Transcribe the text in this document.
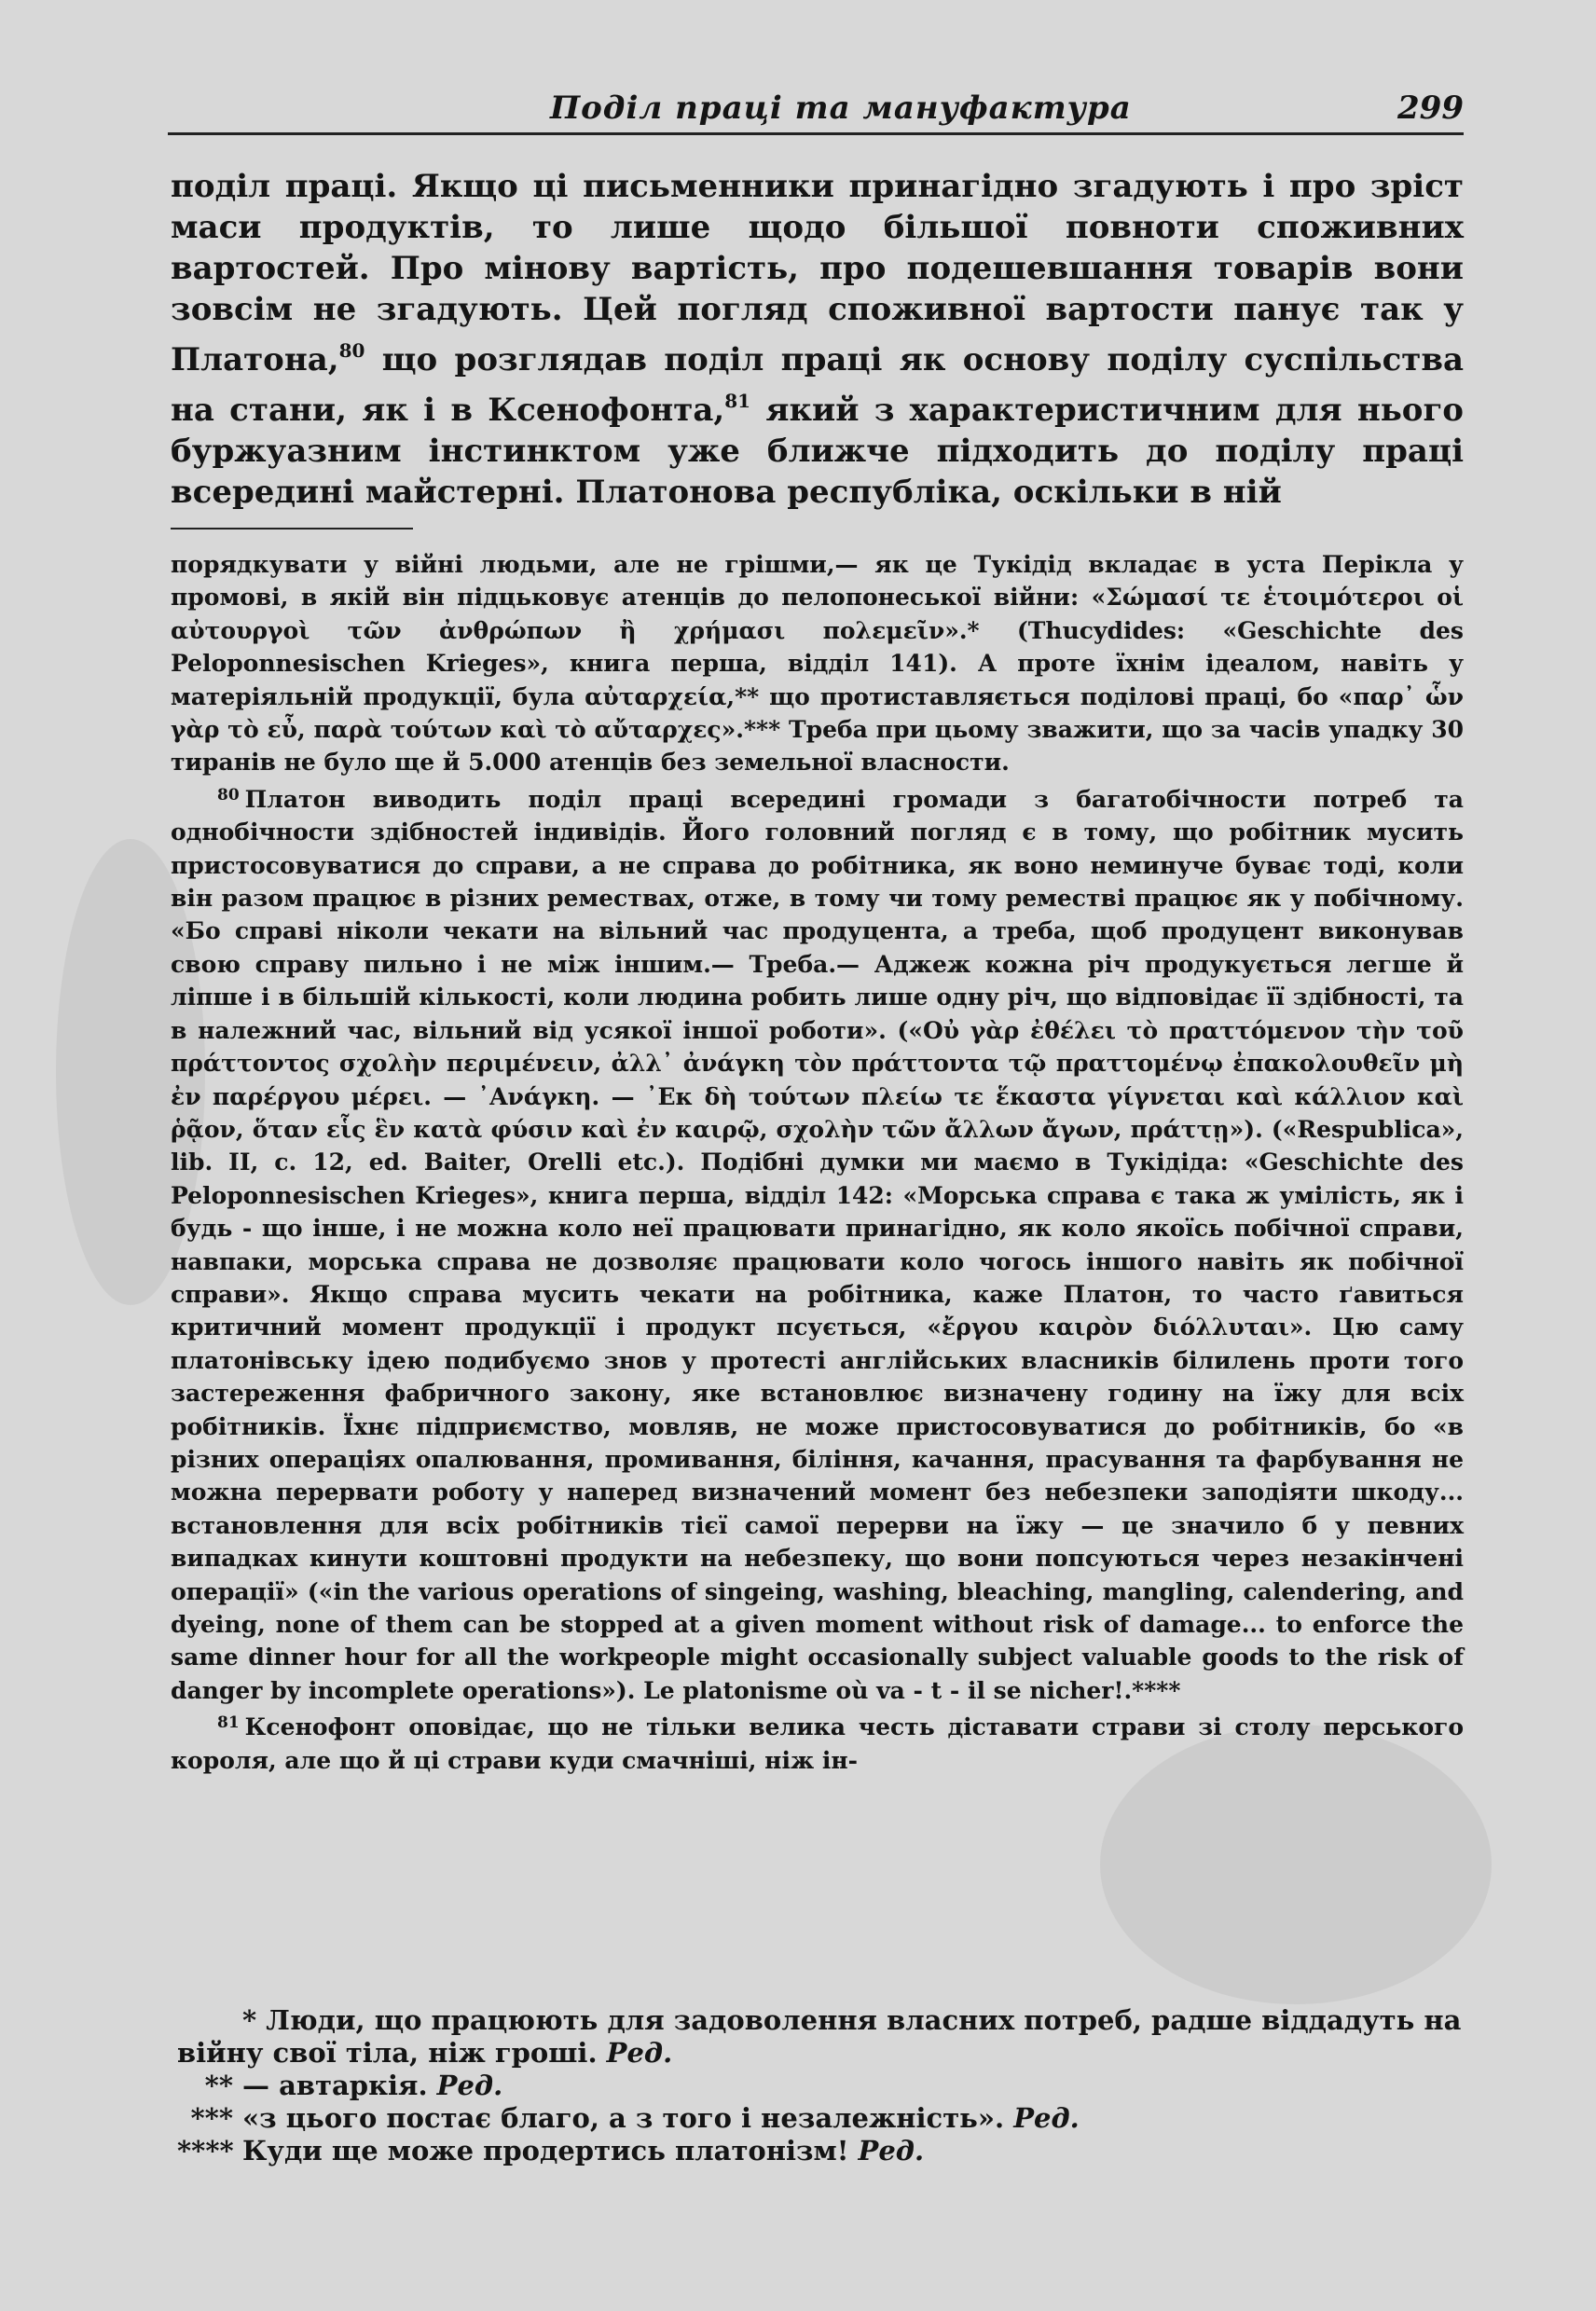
Поділ праці та мануфактура	299

поділ праці. Якщо ці письменники принагідно згадують і про зріст маси продуктів, то лише щодо більшої повноти споживних вартостей. Про мінову вартість, про подешевшання товарів вони зовсім не згадують. Цей погляд споживної вартости панує так у Платона,$^{80}$ що розглядав поділ праці як основу поділу суспільства на стани, як і в Ксенофонта,$^{81}$ який з характеристичним для нього буржуазним інстинктом уже ближче підходить до поділу праці всередині майстерні. Платонова республіка, оскільки в ній

порядкувати у війні людьми, але не грішми,— як це Тукідід вкладає в уста Перікла у промові, в якій він підцьковує атенців до пелопонеської війни: «Σώμασί τε ἑτοιμότεροι οἱ αὐτουργοὶ τῶν ἀνθρώπων ἢ χρήμασι πολεμεῖν».* (Thucydides: «Geschichte des Peloponnesischen Krieges», книга перша, відділ 141). А проте їхнім ідеалом, навіть у матеріяльній продукції, була αὐταρχεία,** що протиставляється поділові праці, бо «παρ᾽ ὧν γὰρ τὸ εὖ, παρὰ τούτων καὶ τὸ αὔταρχες».*** Треба при цьому зважити, що за часів упадку 30 тиранів не було ще й 5.000 атенців без земельної власности.

$^{80}$ Платон виводить поділ праці всередині громади з багатобічности потреб та однобічности здібностей індивідів. Його головний погляд є в тому, що робітник мусить пристосовуватися до справи, а не справа до робітника, як воно неминуче буває тоді, коли він разом працює в різних ремествах, отже, в тому чи тому реместві працює як у побічному. «Бо справі ніколи чекати на вільний час продуцента, а треба, щоб продуцент виконував свою справу пильно і не між іншим.— Треба.— Аджеж кожна річ продукується легше й ліпше і в більшій кількості, коли людина робить лише одну річ, що відповідає її здібності, та в належний час, вільний від усякої іншої роботи». («Οὐ γὰρ ἐθέλει τὸ πραττόμενον τὴν τοῦ πράττοντος σχολὴν περιμένειν, ἀλλ᾽ ἀνάγκη τὸν πράττοντα τῷ πραττομένῳ ἐπακολουθεῖν μὴ ἐν παρέργου μέρει. — ᾽Ανάγκη. — ᾽Εκ δὴ τούτων πλείω τε ἕκαστα γίγνεται καὶ κάλλιον καὶ ῥᾷον, ὅταν εἷς ἓν κατὰ φύσιν καὶ ἐν καιρῷ, σχολὴν τῶν ἄλλων ἄγων, πράττῃ»). («Respublica», lib. II, c. 12, ed. Baiter, Orelli etc.). Подібні думки ми маємо в Тукідіда: «Geschichte des Peloponnesischen Krieges», книга перша, відділ 142: «Морська справа є така ж уміліcть, як і будь - що інше, і не можна коло неї працювати принагідно, як коло якоїсь побічної справи, навпаки, морська справа не дозволяє працювати коло чогось іншого навіть як побічної справи». Якщо справа мусить чекати на робітника, каже Платон, то часто ґавиться критичний момент продукції і продукт псується, «ἔργου καιρὸν διόλλυται». Цю саму платонівську ідею подибуємо знов у протесті англійських власників білилень проти того застереження фабричного закону, яке встановлює визначену годину на їжу для всіх робітників. Їхнє підприємство, мовляв, не може пристосовуватися до робітників, бо «в різних операціях опалювання, промивання, біління, качання, прасування та фарбування не можна перервати роботу у наперед визначений момент без небезпеки заподіяти шкоду... встановлення для всіх робітників тієї самої перерви на їжу — це значило б у певних випадках кинути коштовні продукти на небезпеку, що вони попсуються через незакінчені операції» («in the various operations of singeing, washing, bleaching, mangling, calendering, and dyeing, none of them can be stopped at a given moment without risk of damage... to enforce the same dinner hour for all the workpeople might occasionally subject valuable goods to the risk of danger by incomplete operations»). Le platonisme où va - t - il se nicher!.****

$^{81}$ Ксенофонт оповідає, що не тільки велика честь діставати страви зі столу перського короля, але що й ці страви куди смачніші, ніж ін-

* Люди, що працюють для задоволення власних потреб, радше віддадуть на війну свої тіла, ніж гроші. Ред.

** — автаркія. Ред.

*** «з цього постає благо, а з того і незалежність». Ред.

**** Куди ще може продертись платонізм! Ред.
